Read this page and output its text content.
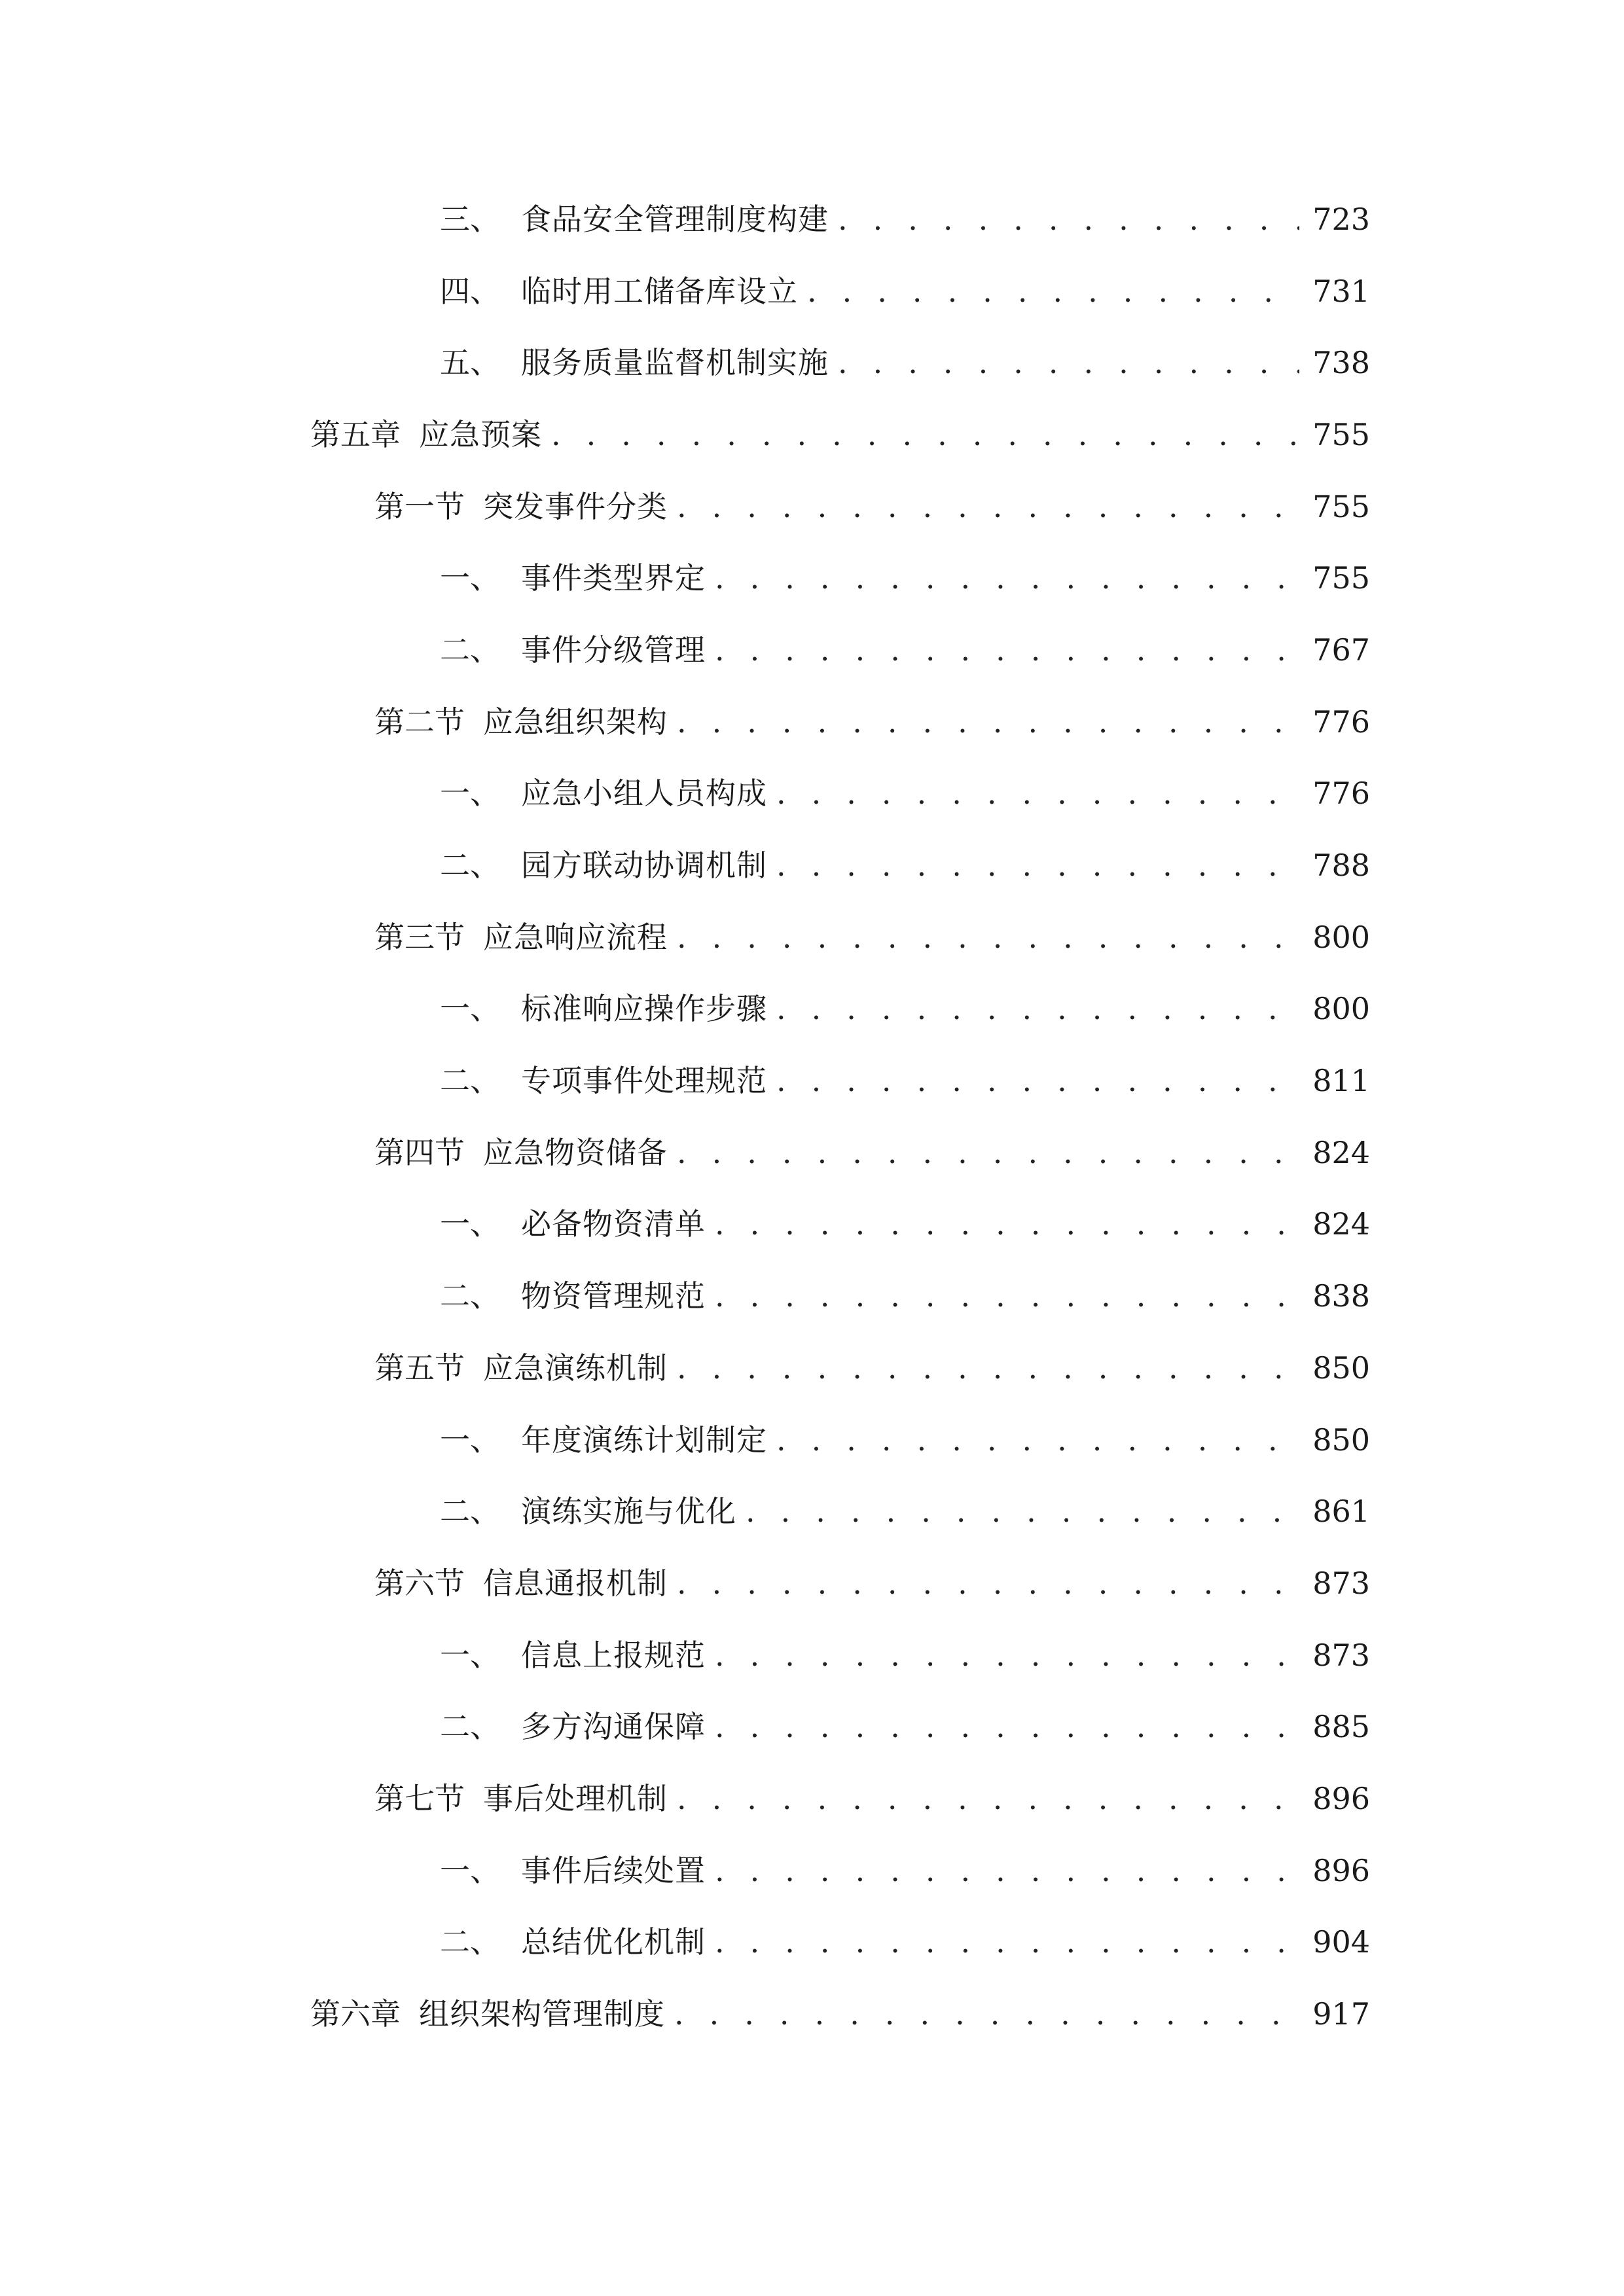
三、 食品安全管理制度构建 . . .	723
四、 临时用工储备库设立 . . .	731
五、 服务质量监督机制实施 . . .	738
第五章 应急预案 . . .	755
第一节 突发事件分类 . . .	755
一、 事件类型界定 . . .	755
二、 事件分级管理 . . .	767
第二节 应急组织架构 . . .	776
一、 应急小组人员构成 . . .	776
二、 园方联动协调机制 . . .	788
第三节 应急响应流程 . . .	800
一、 标准响应操作步骤 . . .	800
二、 专项事件处理规范 . . .	811
第四节 应急物资储备 . . .	824
一、 必备物资清单 . . .	824
二、 物资管理规范 . . .	838
第五节 应急演练机制 . . .	850
一、 年度演练计划制定 . . .	850
二、 演练实施与优化 . . .	861
第六节 信息通报机制 . . .	873
一、 信息上报规范 . . .	873
二、 多方沟通保障 . . .	885
第七节 事后处理机制 . . .	896
一、 事件后续处置 . . .	896
二、 总结优化机制 . . .	904
第六章 组织架构管理制度 . . .	917
